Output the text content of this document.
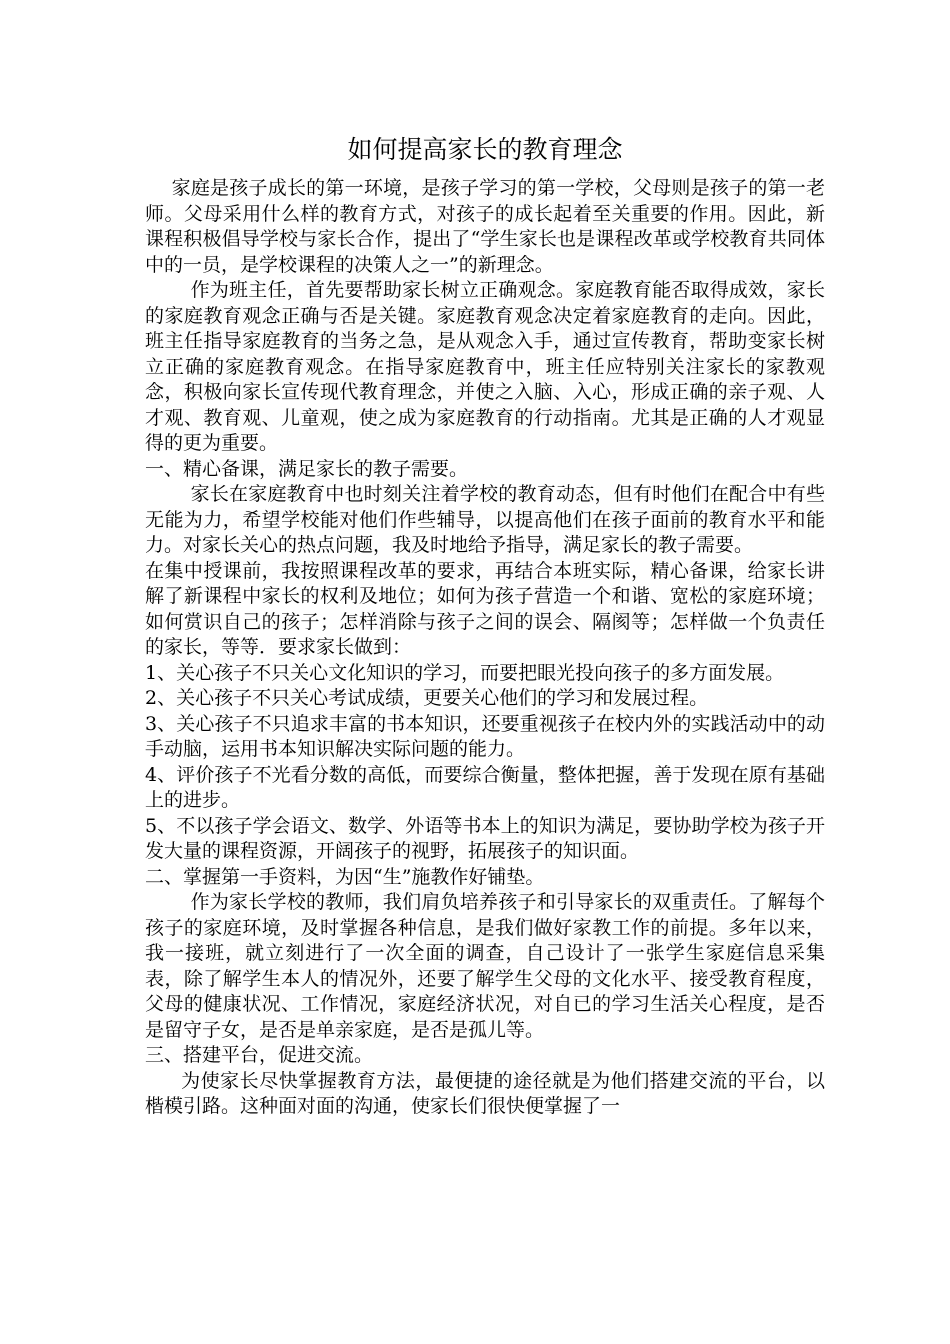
如何提高家长的教育理念

家庭是孩子成长的第一环境，是孩子学习的第一学校，父母则是孩子的第一老师。父母采用什么样的教育方式，对孩子的成长起着至关重要的作用。因此，新课程积极倡导学校与家长合作，提出了“学生家长也是课程改革或学校教育共同体中的一员，是学校课程的决策人之一”的新理念。

作为班主任，首先要帮助家长树立正确观念。家庭教育能否取得成效，家长的家庭教育观念正确与否是关键。家庭教育观念决定着家庭教育的走向。因此，班主任指导家庭教育的当务之急，是从观念入手，通过宣传教育，帮助变家长树立正确的家庭教育观念。在指导家庭教育中，班主任应特别关注家长的家教观念，积极向家长宣传现代教育理念，并使之入脑、入心，形成正确的亲子观、人才观、教育观、儿童观，使之成为家庭教育的行动指南。尤其是正确的人才观显得的更为重要。

一、精心备课，满足家长的教子需要。

家长在家庭教育中也时刻关注着学校的教育动态，但有时他们在配合中有些无能为力，希望学校能对他们作些辅导，以提高他们在孩子面前的教育水平和能力。对家长关心的热点问题，我及时地给予指导，满足家长的教子需要。

在集中授课前，我按照课程改革的要求，再结合本班实际，精心备课，给家长讲解了新课程中家长的权利及地位；如何为孩子营造一个和谐、宽松的家庭环境；如何赏识自己的孩子；怎样消除与孩子之间的误会、隔阂等；怎样做一个负责任的家长，等等．要求家长做到：

1、关心孩子不只关心文化知识的学习，而要把眼光投向孩子的多方面发展。

2、关心孩子不只关心考试成绩，更要关心他们的学习和发展过程。

3、关心孩子不只追求丰富的书本知识，还要重视孩子在校内外的实践活动中的动手动脑，运用书本知识解决实际问题的能力。

4、评价孩子不光看分数的高低，而要综合衡量，整体把握，善于发现在原有基础上的进步。

5、不以孩子学会语文、数学、外语等书本上的知识为满足，要协助学校为孩子开发大量的课程资源，开阔孩子的视野，拓展孩子的知识面。

二、掌握第一手资料，为因“生”施教作好铺垫。

作为家长学校的教师，我们肩负培养孩子和引导家长的双重责任。了解每个孩子的家庭环境，及时掌握各种信息，是我们做好家教工作的前提。多年以来，我一接班，就立刻进行了一次全面的调查，自己设计了一张学生家庭信息采集表，除了解学生本人的情况外，还要了解学生父母的文化水平、接受教育程度，父母的健康状况、工作情况，家庭经济状况，对自已的学习生活关心程度，是否是留守子女，是否是单亲家庭，是否是孤儿等。

三、搭建平台，促进交流。

为使家长尽快掌握教育方法，最便捷的途径就是为他们搭建交流的平台，以楷模引路。这种面对面的沟通，使家长们很快便掌握了一
